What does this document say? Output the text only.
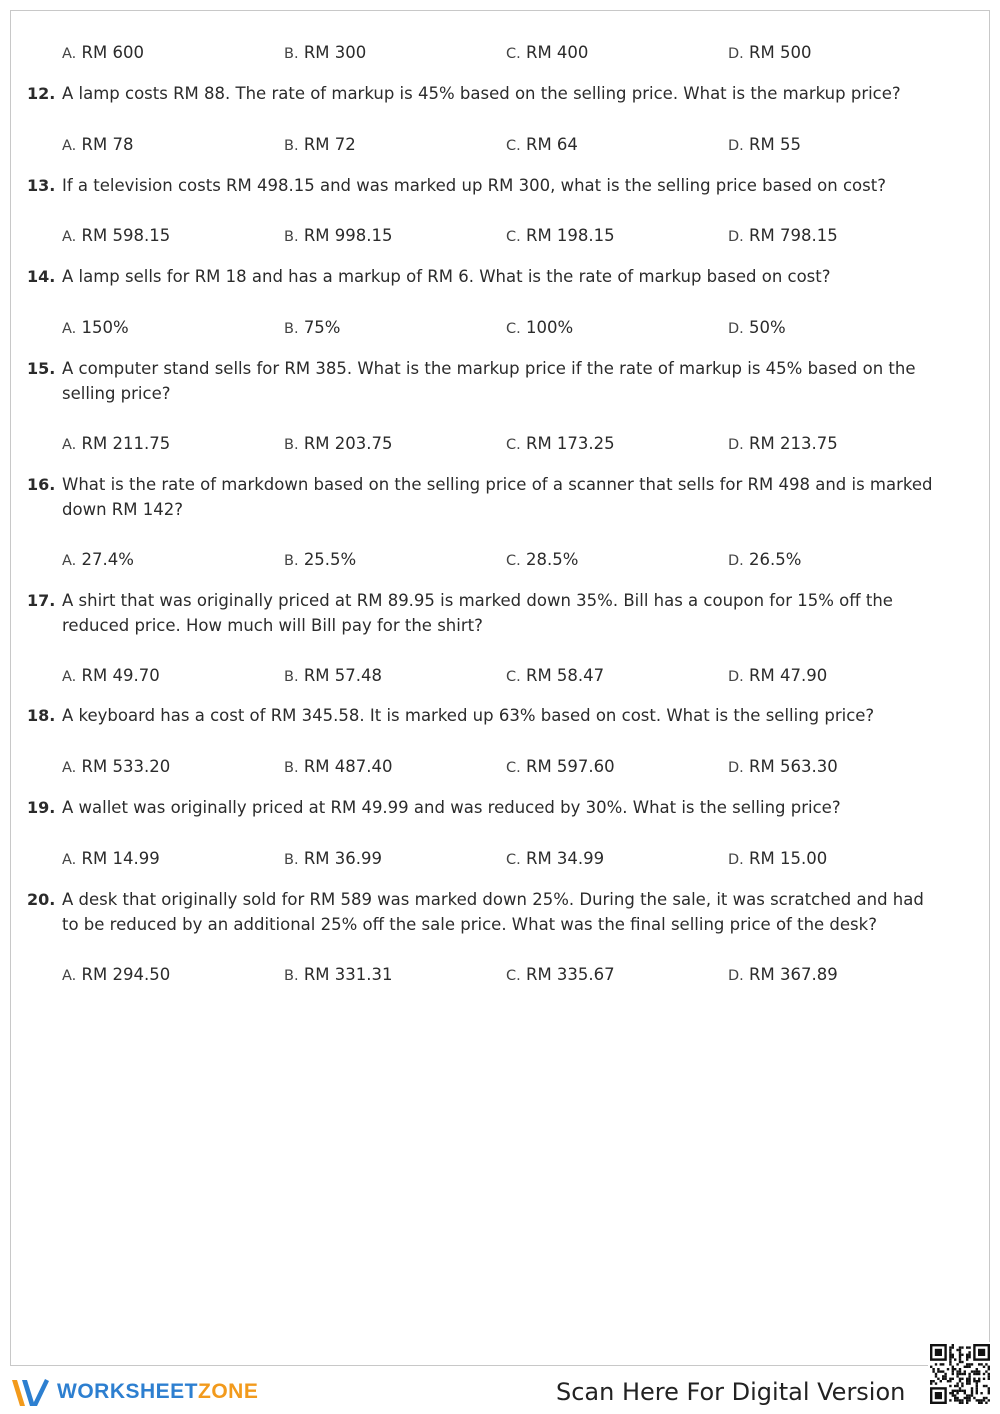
A. RM 600	B. RM 300	C. RM 400	D. RM 500
12. A lamp costs RM 88. The rate of markup is 45% based on the selling price. What is the markup price?
A. RM 78	B. RM 72	C. RM 64	D. RM 55
13. If a television costs RM 498.15 and was marked up RM 300, what is the selling price based on cost?
A. RM 598.15	B. RM 998.15	C. RM 198.15	D. RM 798.15
14. A lamp sells for RM 18 and has a markup of RM 6. What is the rate of markup based on cost?
A. 150%	B. 75%	C. 100%	D. 50%
15. A computer stand sells for RM 385. What is the markup price if the rate of markup is 45% based on the selling price?
A. RM 211.75	B. RM 203.75	C. RM 173.25	D. RM 213.75
16. What is the rate of markdown based on the selling price of a scanner that sells for RM 498 and is marked down RM 142?
A. 27.4%	B. 25.5%	C. 28.5%	D. 26.5%
17. A shirt that was originally priced at RM 89.95 is marked down 35%. Bill has a coupon for 15% off the reduced price. How much will Bill pay for the shirt?
A. RM 49.70	B. RM 57.48	C. RM 58.47	D. RM 47.90
18. A keyboard has a cost of RM 345.58. It is marked up 63% based on cost. What is the selling price?
A. RM 533.20	B. RM 487.40	C. RM 597.60	D. RM 563.30
19. A wallet was originally priced at RM 49.99 and was reduced by 30%. What is the selling price?
A. RM 14.99	B. RM 36.99	C. RM 34.99	D. RM 15.00
20. A desk that originally sold for RM 589 was marked down 25%. During the sale, it was scratched and had to be reduced by an additional 25% off the sale price. What was the final selling price of the desk?
A. RM 294.50	B. RM 331.31	C. RM 335.67	D. RM 367.89
WORKSHEETZONE	Scan Here For Digital Version
